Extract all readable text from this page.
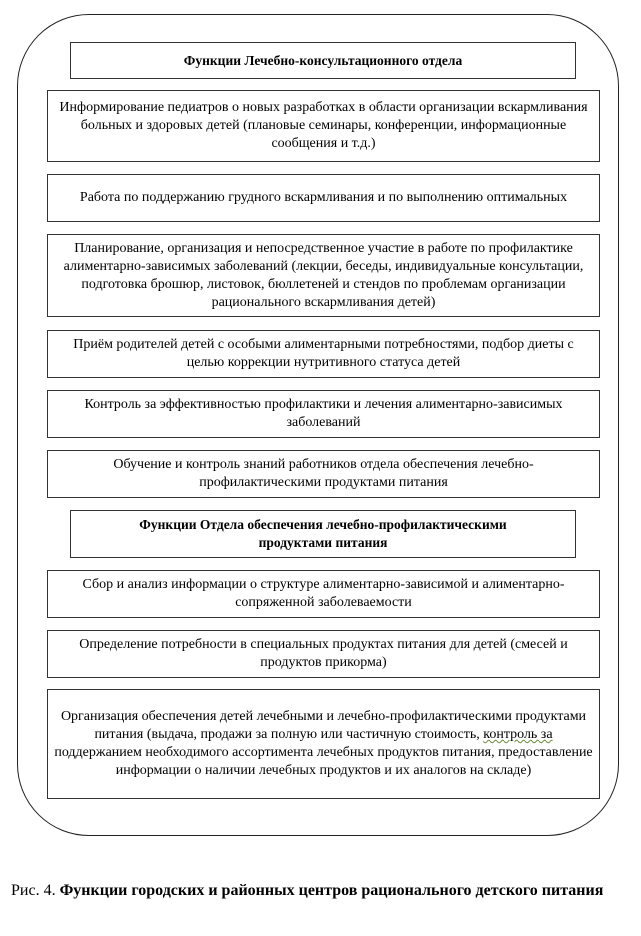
Функции Лечебно-консультационного отдела
Информирование педиатров о новых разработках в области организации вскармливания больных и здоровых детей (плановые семинары, конференции, информационные сообщения и т.д.)
Работа по поддержанию грудного вскармливания и по выполнению оптимальных
Планирование, организация и непосредственное участие в работе по профилактике алиментарно-зависимых заболеваний (лекции, беседы, индивидуальные консультации, подготовка брошюр, листовок, бюллетеней и стендов по проблемам организации рационального вскармливания детей)
Приём родителей детей с особыми алиментарными потребностями, подбор диеты с целью коррекции нутритивного статуса детей
Контроль за эффективностью профилактики и лечения алиментарно-зависимых заболеваний
Обучение и контроль знаний работников отдела обеспечения лечебно-профилактическими продуктами питания
Функции Отдела обеспечения лечебно-профилактическими продуктами питания
Сбор и анализ информации о структуре алиментарно-зависимой и алиментарно-сопряженной заболеваемости
Определение потребности в специальных продуктах питания для детей (смесей и продуктов прикорма)
Организация обеспечения детей лечебными и лечебно-профилактическими продуктами питания (выдача, продажи за полную или частичную стоимость, контроль за поддержанием необходимого ассортимента лечебных продуктов питания, предоставление информации о наличии лечебных продуктов и их аналогов на складе)
Рис. 4. Функции городских и районных центров рационального детского питания
